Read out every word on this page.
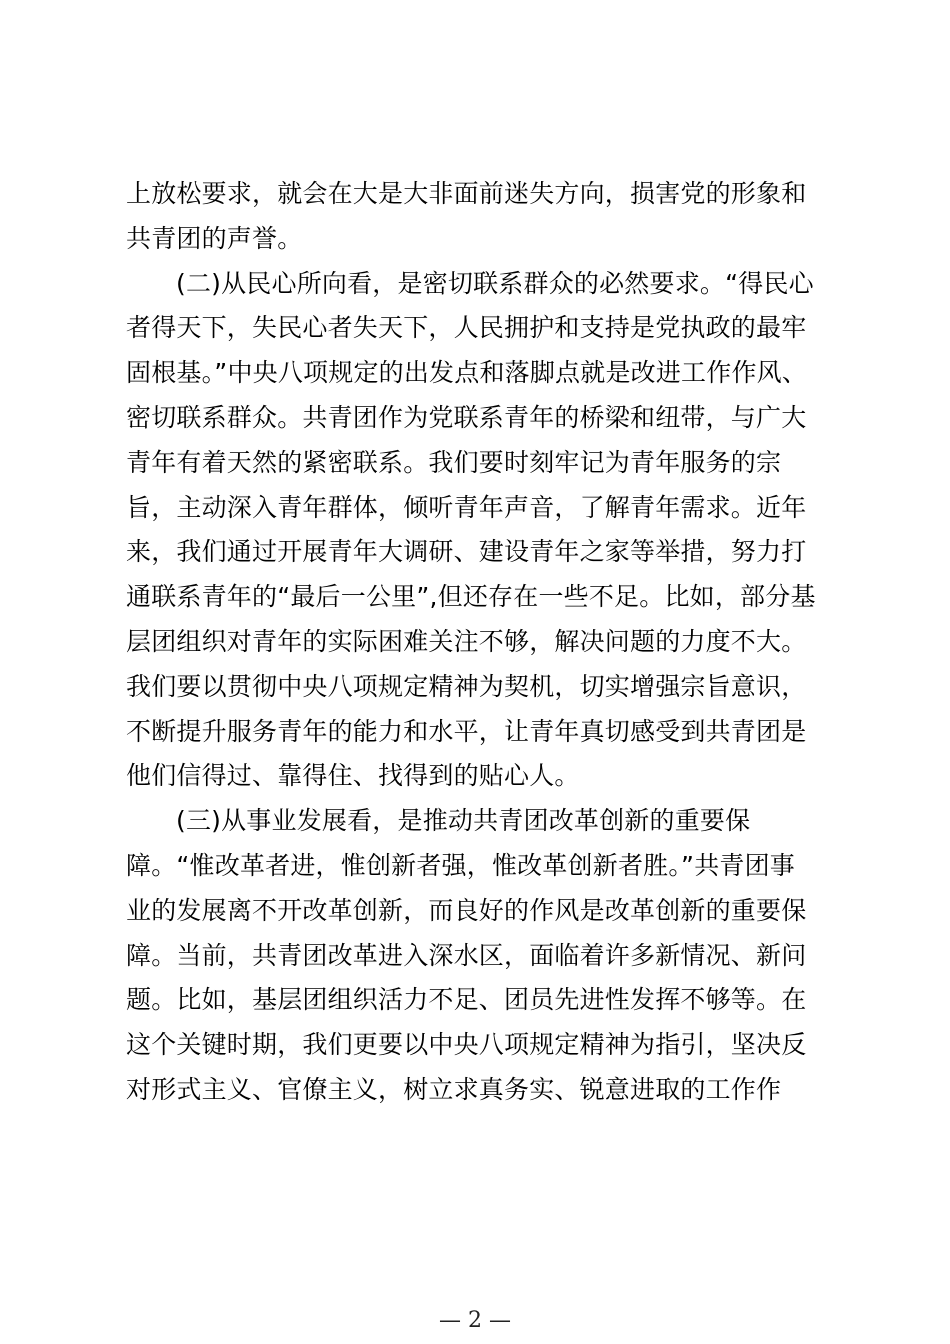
上放松要求，就会在大是大非面前迷失方向，损害党的形象和
共青团的声誉。
(二)从民心所向看，是密切联系群众的必然要求。“得民心
者得天下，失民心者失天下，人民拥护和支持是党执政的最牢
固根基。”中央八项规定的出发点和落脚点就是改进工作作风、
密切联系群众。共青团作为党联系青年的桥梁和纽带，与广大
青年有着天然的紧密联系。我们要时刻牢记为青年服务的宗
旨，主动深入青年群体，倾听青年声音，了解青年需求。近年
来，我们通过开展青年大调研、建设青年之家等举措，努力打
通联系青年的“最后一公里”,但还存在一些不足。比如，部分基
层团组织对青年的实际困难关注不够，解决问题的力度不大。
我们要以贯彻中央八项规定精神为契机，切实增强宗旨意识，
不断提升服务青年的能力和水平，让青年真切感受到共青团是
他们信得过、靠得住、找得到的贴心人。
(三)从事业发展看，是推动共青团改革创新的重要保
障。“惟改革者进，惟创新者强，惟改革创新者胜。”共青团事
业的发展离不开改革创新，而良好的作风是改革创新的重要保
障。当前，共青团改革进入深水区，面临着许多新情况、新问
题。比如，基层团组织活力不足、团员先进性发挥不够等。在
这个关键时期，我们更要以中央八项规定精神为指引，坚决反
对形式主义、官僚主义，树立求真务实、锐意进取的工作作
— 2 —
